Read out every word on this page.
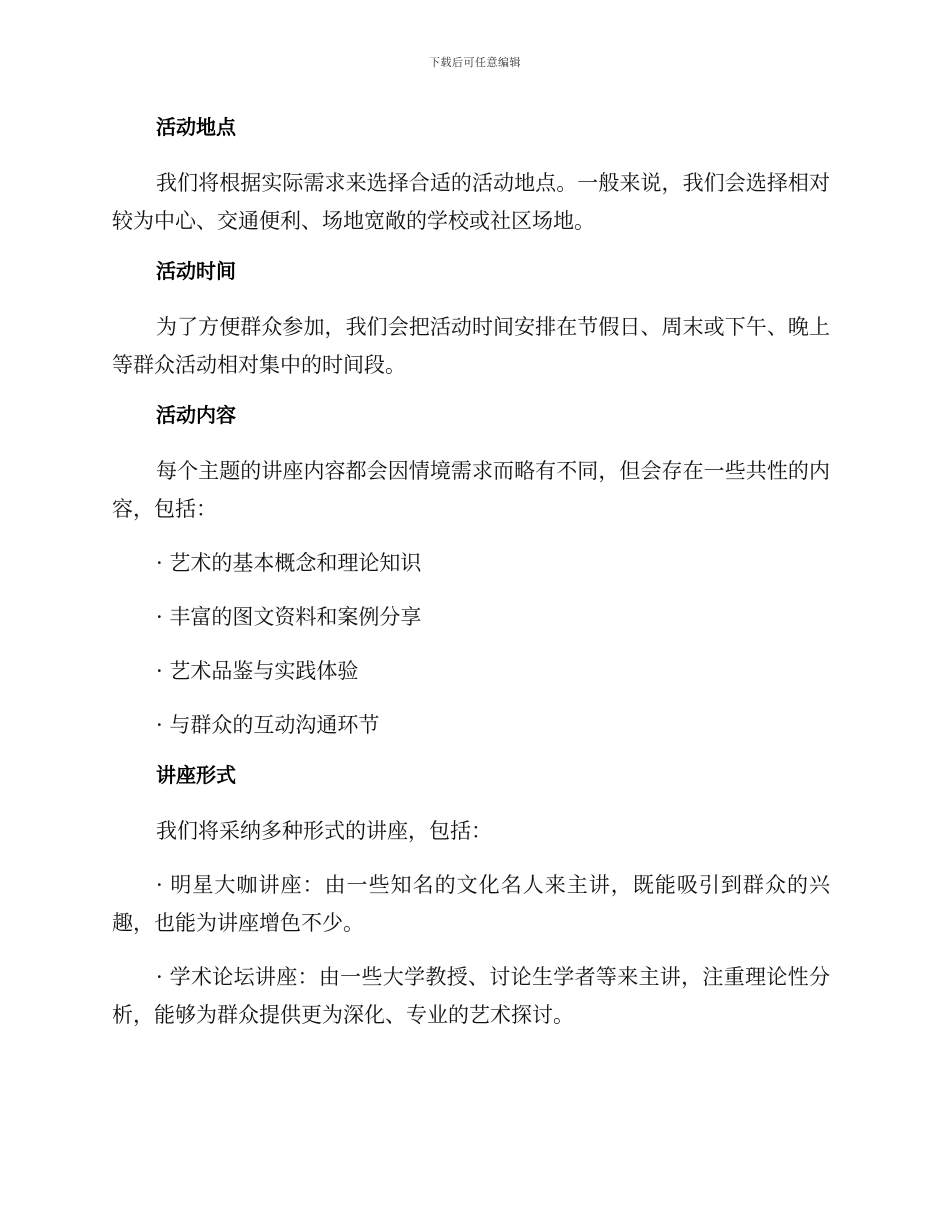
下载后可任意编辑
活动地点

我们将根据实际需求来选择合适的活动地点。一般来说，我们会选择相对较为中心、交通便利、场地宽敞的学校或社区场地。

活动时间

为了方便群众参加，我们会把活动时间安排在节假日、周末或下午、晚上等群众活动相对集中的时间段。

活动内容

每个主题的讲座内容都会因情境需求而略有不同，但会存在一些共性的内容，包括：

· 艺术的基本概念和理论知识

· 丰富的图文资料和案例分享

· 艺术品鉴与实践体验

· 与群众的互动沟通环节

讲座形式

我们将采纳多种形式的讲座，包括：

· 明星大咖讲座：由一些知名的文化名人来主讲，既能吸引到群众的兴趣，也能为讲座增色不少。

· 学术论坛讲座：由一些大学教授、讨论生学者等来主讲，注重理论性分析，能够为群众提供更为深化、专业的艺术探讨。
